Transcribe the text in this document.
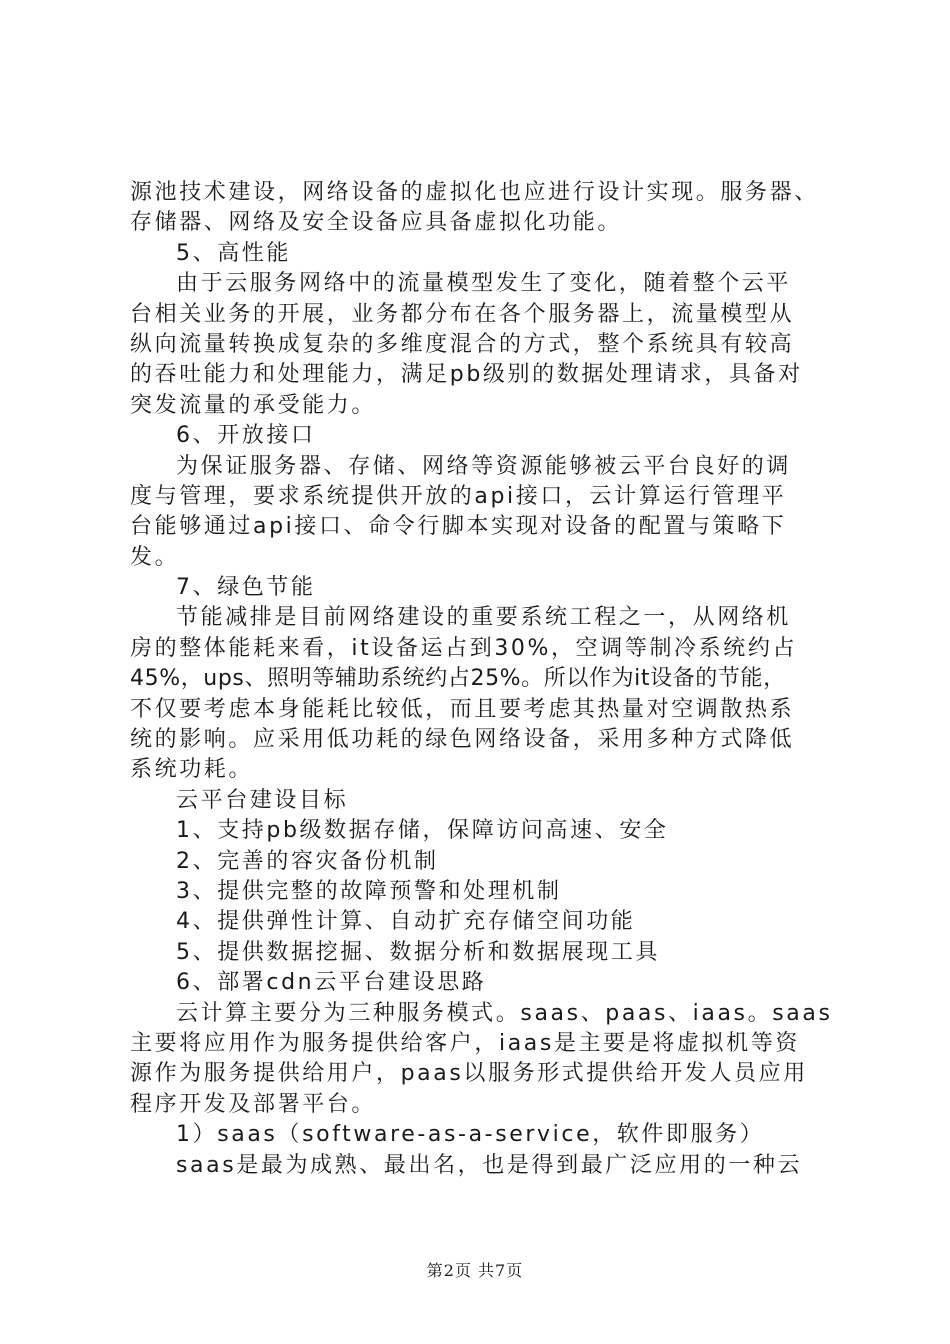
源池技术建设，网络设备的虚拟化也应进行设计实现。服务器、
存储器、网络及安全设备应具备虚拟化功能。
5、高性能
由于云服务网络中的流量模型发生了变化，随着整个云平
台相关业务的开展，业务都分布在各个服务器上，流量模型从
纵向流量转换成复杂的多维度混合的方式，整个系统具有较高
的吞吐能力和处理能力，满足pb级别的数据处理请求，具备对
突发流量的承受能力。
6、开放接口
为保证服务器、存储、网络等资源能够被云平台良好的调
度与管理，要求系统提供开放的api接口，云计算运行管理平
台能够通过api接口、命令行脚本实现对设备的配置与策略下
发。
7、绿色节能
节能减排是目前网络建设的重要系统工程之一，从网络机
房的整体能耗来看，it设备运占到30%，空调等制冷系统约占
45%，ups、照明等辅助系统约占25%。所以作为it设备的节能，
不仅要考虑本身能耗比较低，而且要考虑其热量对空调散热系
统的影响。应采用低功耗的绿色网络设备，采用多种方式降低
系统功耗。
云平台建设目标
1、支持pb级数据存储，保障访问高速、安全
2、完善的容灾备份机制
3、提供完整的故障预警和处理机制
4、提供弹性计算、自动扩充存储空间功能
5、提供数据挖掘、数据分析和数据展现工具
6、部署cdn云平台建设思路
云计算主要分为三种服务模式。saas、paas、iaas。saas
主要将应用作为服务提供给客户，iaas是主要是将虚拟机等资
源作为服务提供给用户，paas以服务形式提供给开发人员应用
程序开发及部署平台。
1）saas（software-as-a-service，软件即服务）
saas是最为成熟、最出名，也是得到最广泛应用的一种云
第2页 共7页
